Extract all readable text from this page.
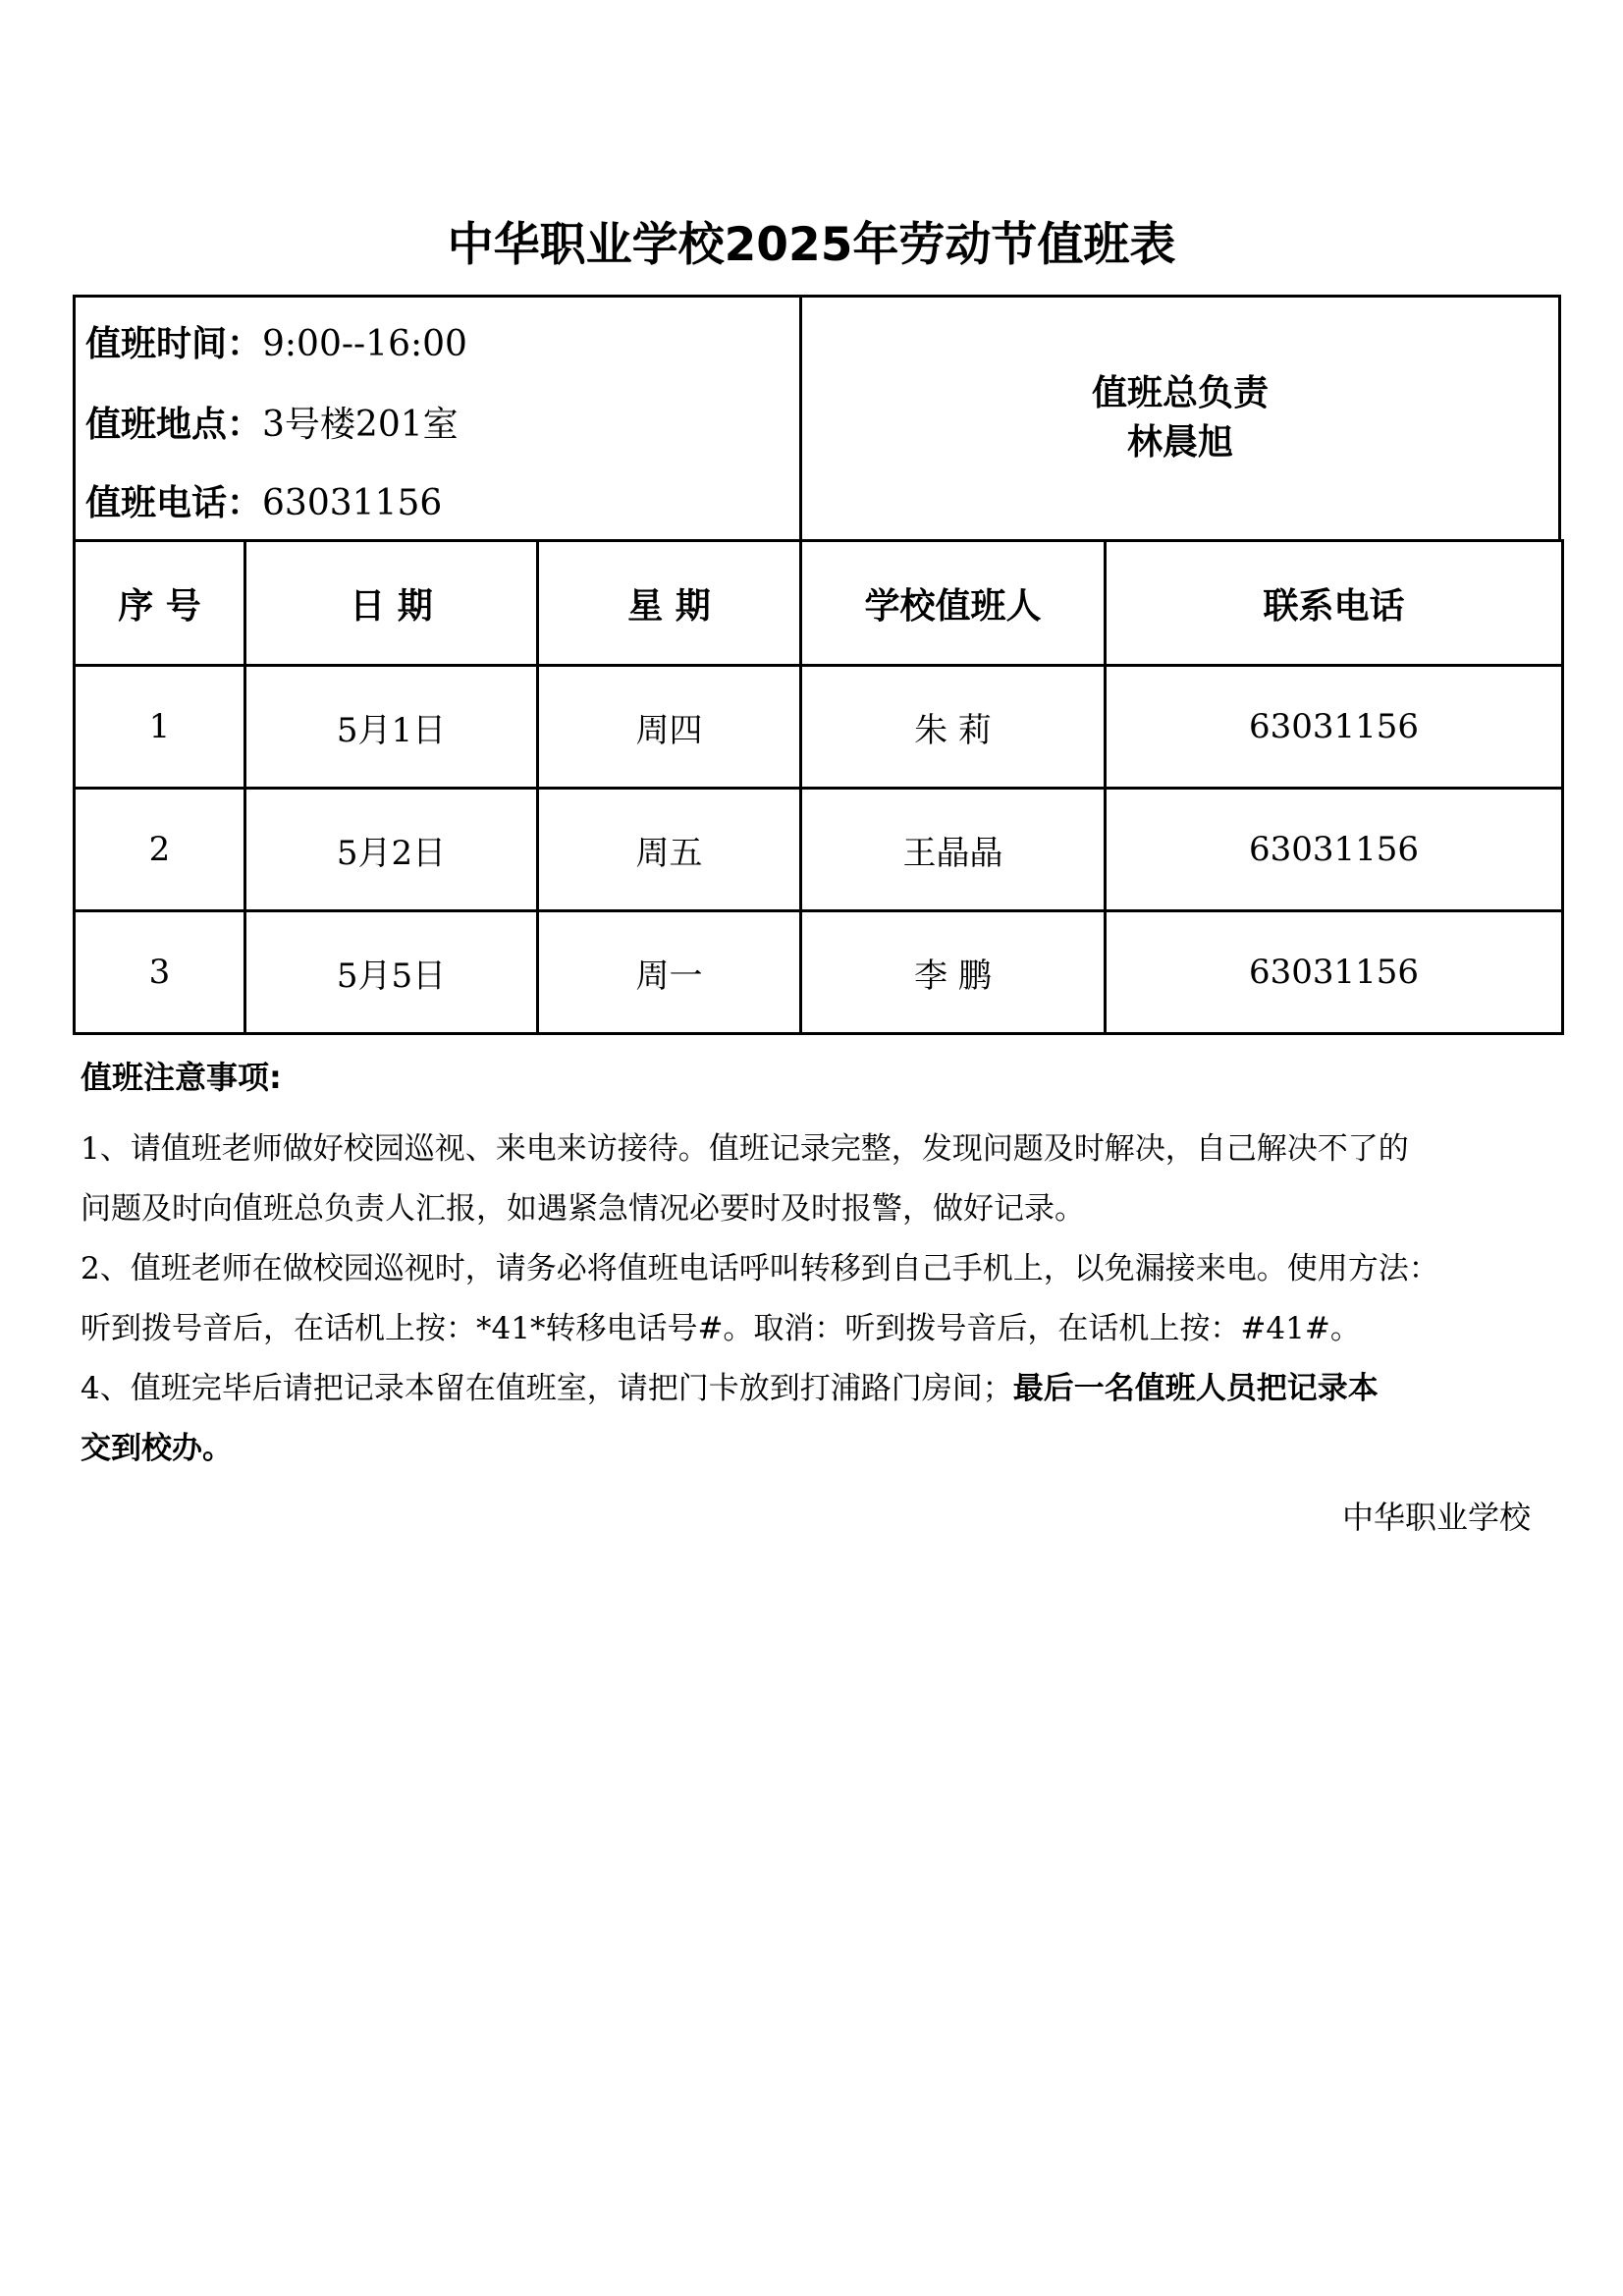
中华职业学校2025年劳动节值班表
值班时间：9:00--16:00
值班地点：3号楼201室
值班电话：63031156
值班总负责
林晨旭
序 号	日 期	星 期	学校值班人	联系电话
1	5月1日	周四	朱 莉	63031156
2	5月2日	周五	王晶晶	63031156
3	5月5日	周一	李 鹏	63031156
值班注意事项:
1、请值班老师做好校园巡视、来电来访接待。值班记录完整，发现问题及时解决，自己解决不了的
问题及时向值班总负责人汇报，如遇紧急情况必要时及时报警，做好记录。
2、值班老师在做校园巡视时，请务必将值班电话呼叫转移到自己手机上，以免漏接来电。使用方法：
听到拨号音后，在话机上按：*41*转移电话号#。取消：听到拨号音后，在话机上按：#41#。
4、值班完毕后请把记录本留在值班室，请把门卡放到打浦路门房间；最后一名值班人员把记录本
交到校办。
中华职业学校
